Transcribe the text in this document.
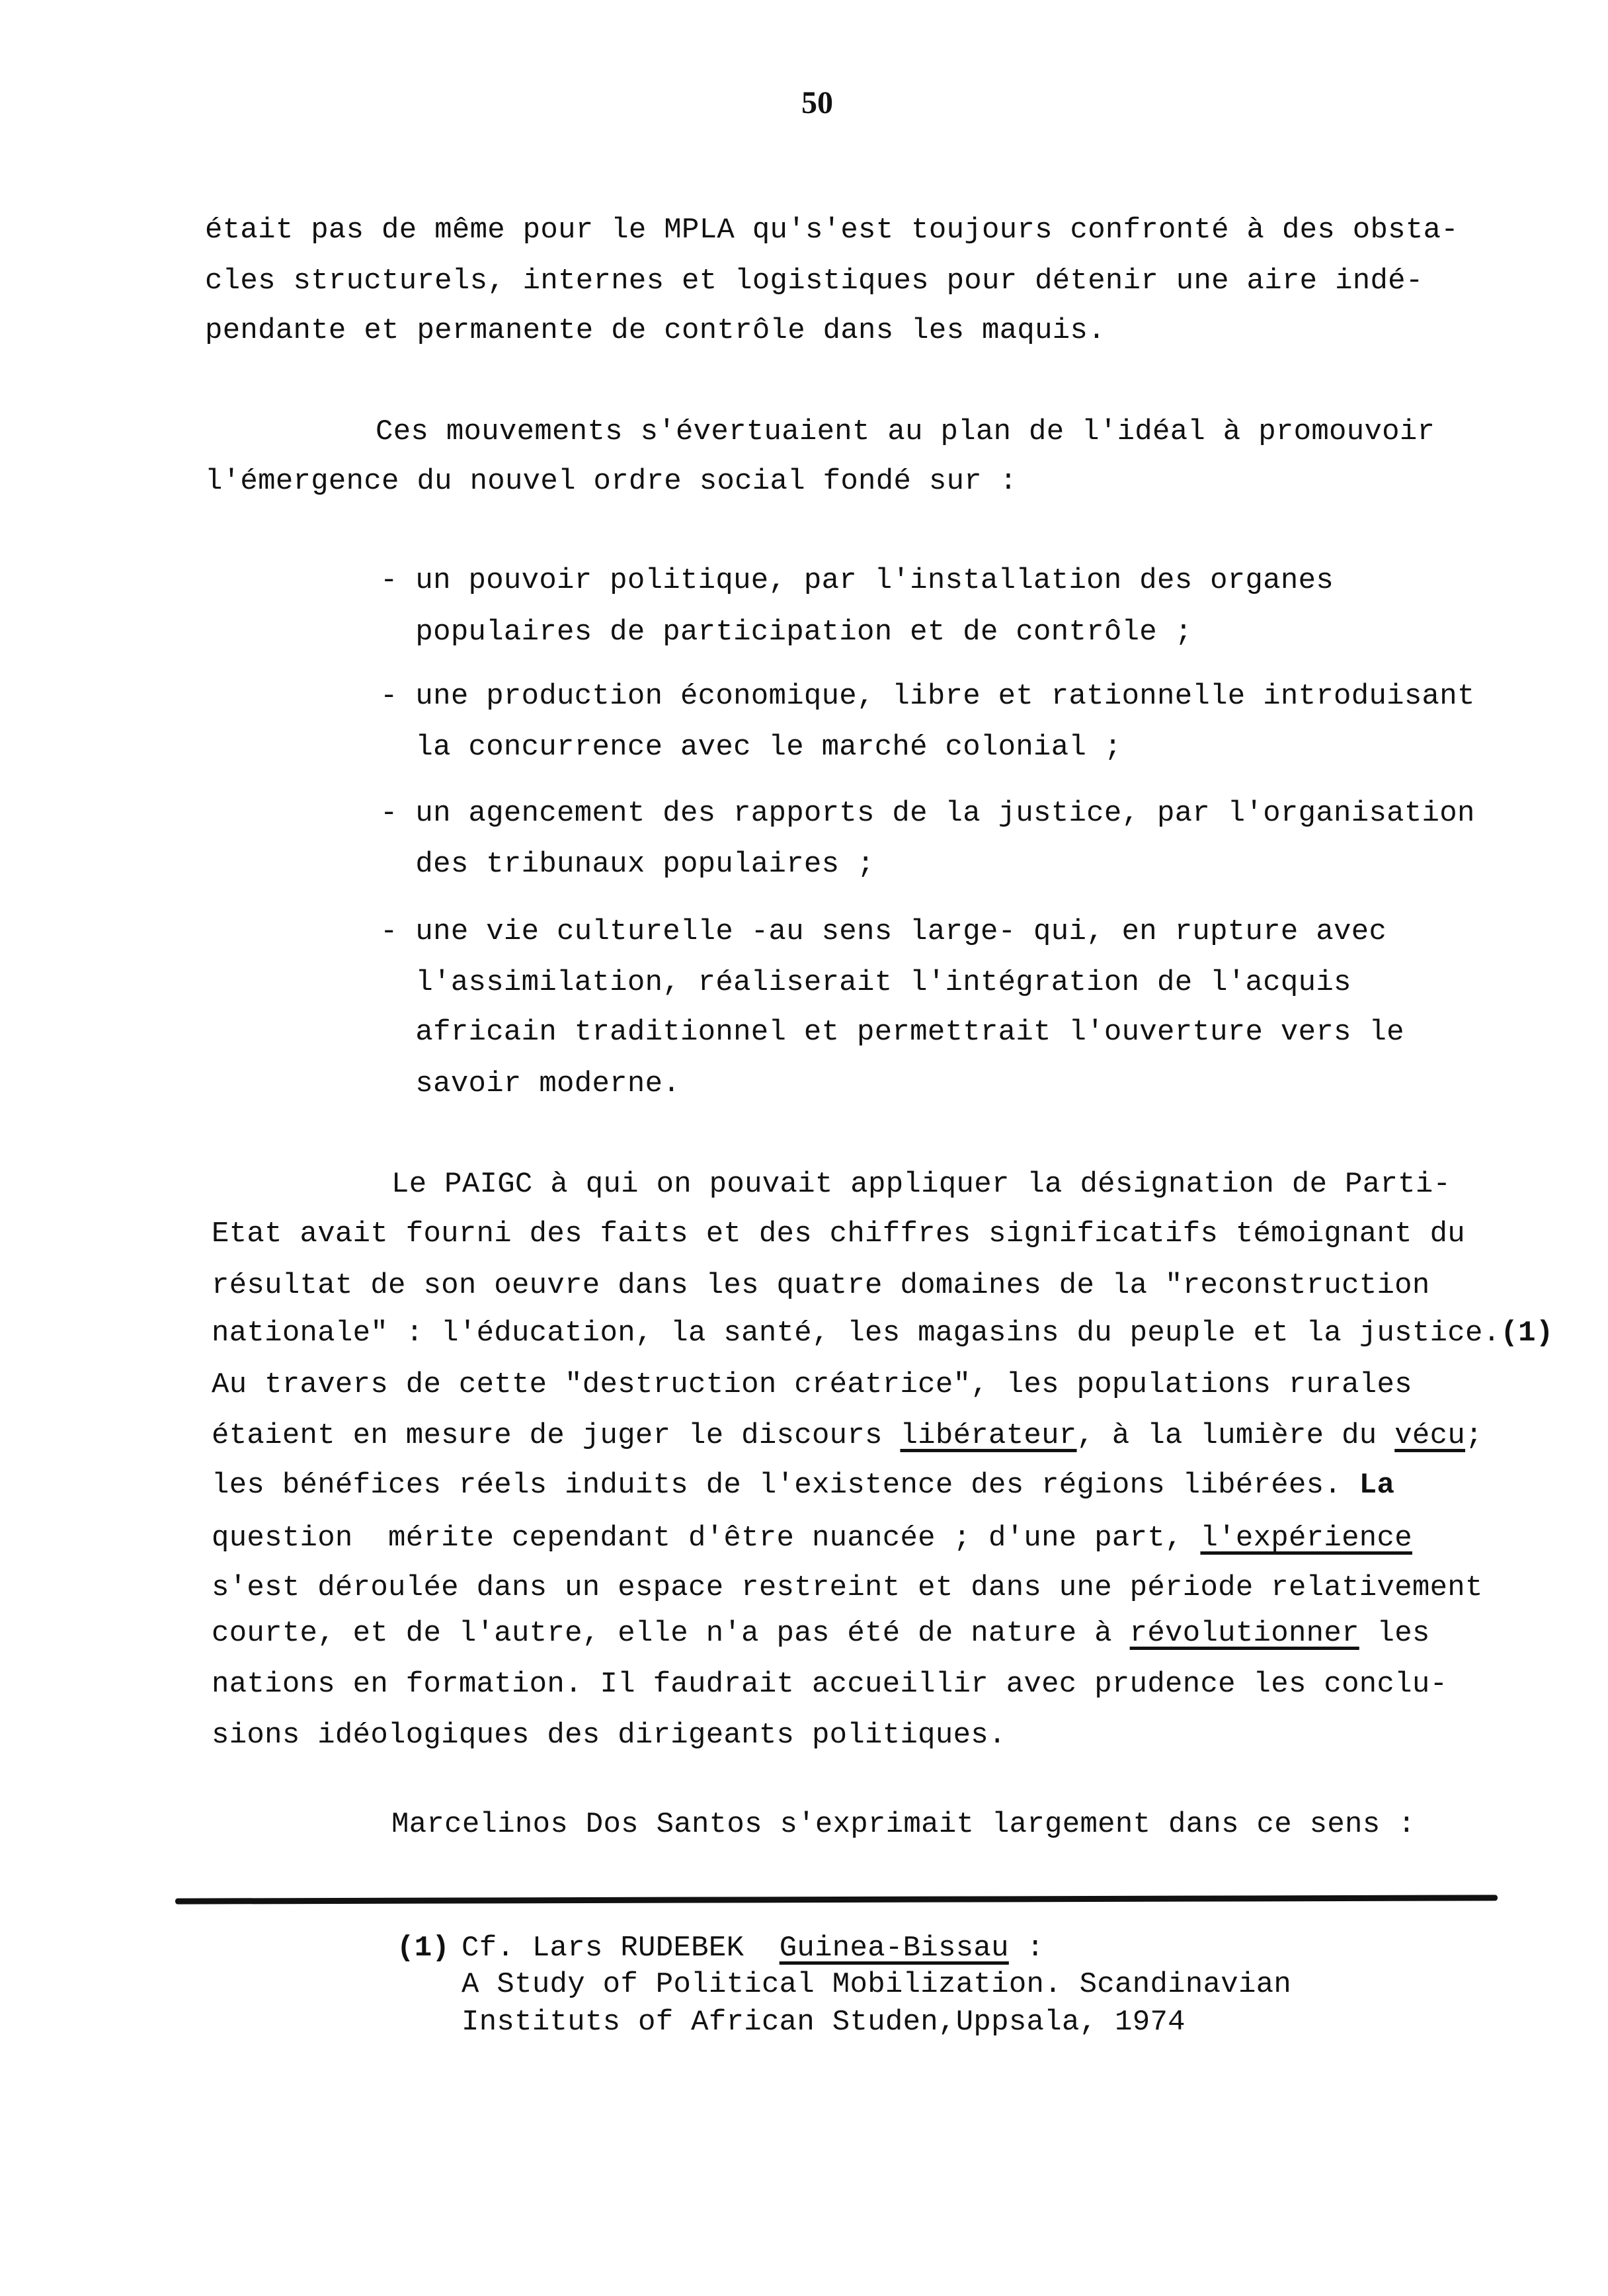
50
était pas de même pour le MPLA qu's'est toujours confronté à des obsta-
cles structurels, internes et logistiques pour détenir une aire indé-
pendante et permanente de contrôle dans les maquis.
Ces mouvements s'évertuaient au plan de l'idéal à promouvoir
l'émergence du nouvel ordre social fondé sur :
- un pouvoir politique, par l'installation des organes
populaires de participation et de contrôle ;
- une production économique, libre et rationnelle introduisant
la concurrence avec le marché colonial ;
- un agencement des rapports de la justice, par l'organisation
des tribunaux populaires ;
- une vie culturelle -au sens large- qui, en rupture avec
l'assimilation, réaliserait l'intégration de l'acquis
africain traditionnel et permettrait l'ouverture vers le
savoir moderne.
Le PAIGC à qui on pouvait appliquer la désignation de Parti-
Etat avait fourni des faits et des chiffres significatifs témoignant du
résultat de son oeuvre dans les quatre domaines de la "reconstruction
nationale" : l'éducation, la santé, les magasins du peuple et la justice.(1)
Au travers de cette "destruction créatrice", les populations rurales
étaient en mesure de juger le discours libérateur, à la lumière du vécu;
les bénéfices réels induits de l'existence des régions libérées. La
question  mérite cependant d'être nuancée ; d'une part, l'expérience
s'est déroulée dans un espace restreint et dans une période relativement
courte, et de l'autre, elle n'a pas été de nature à révolutionner les
nations en formation. Il faudrait accueillir avec prudence les conclu-
sions idéologiques des dirigeants politiques.
Marcelinos Dos Santos s'exprimait largement dans ce sens :
(1) Cf. Lars RUDEBEK  Guinea-Bissau :
A Study of Political Mobilization. Scandinavian
Instituts of African Studen,Uppsala, 1974
